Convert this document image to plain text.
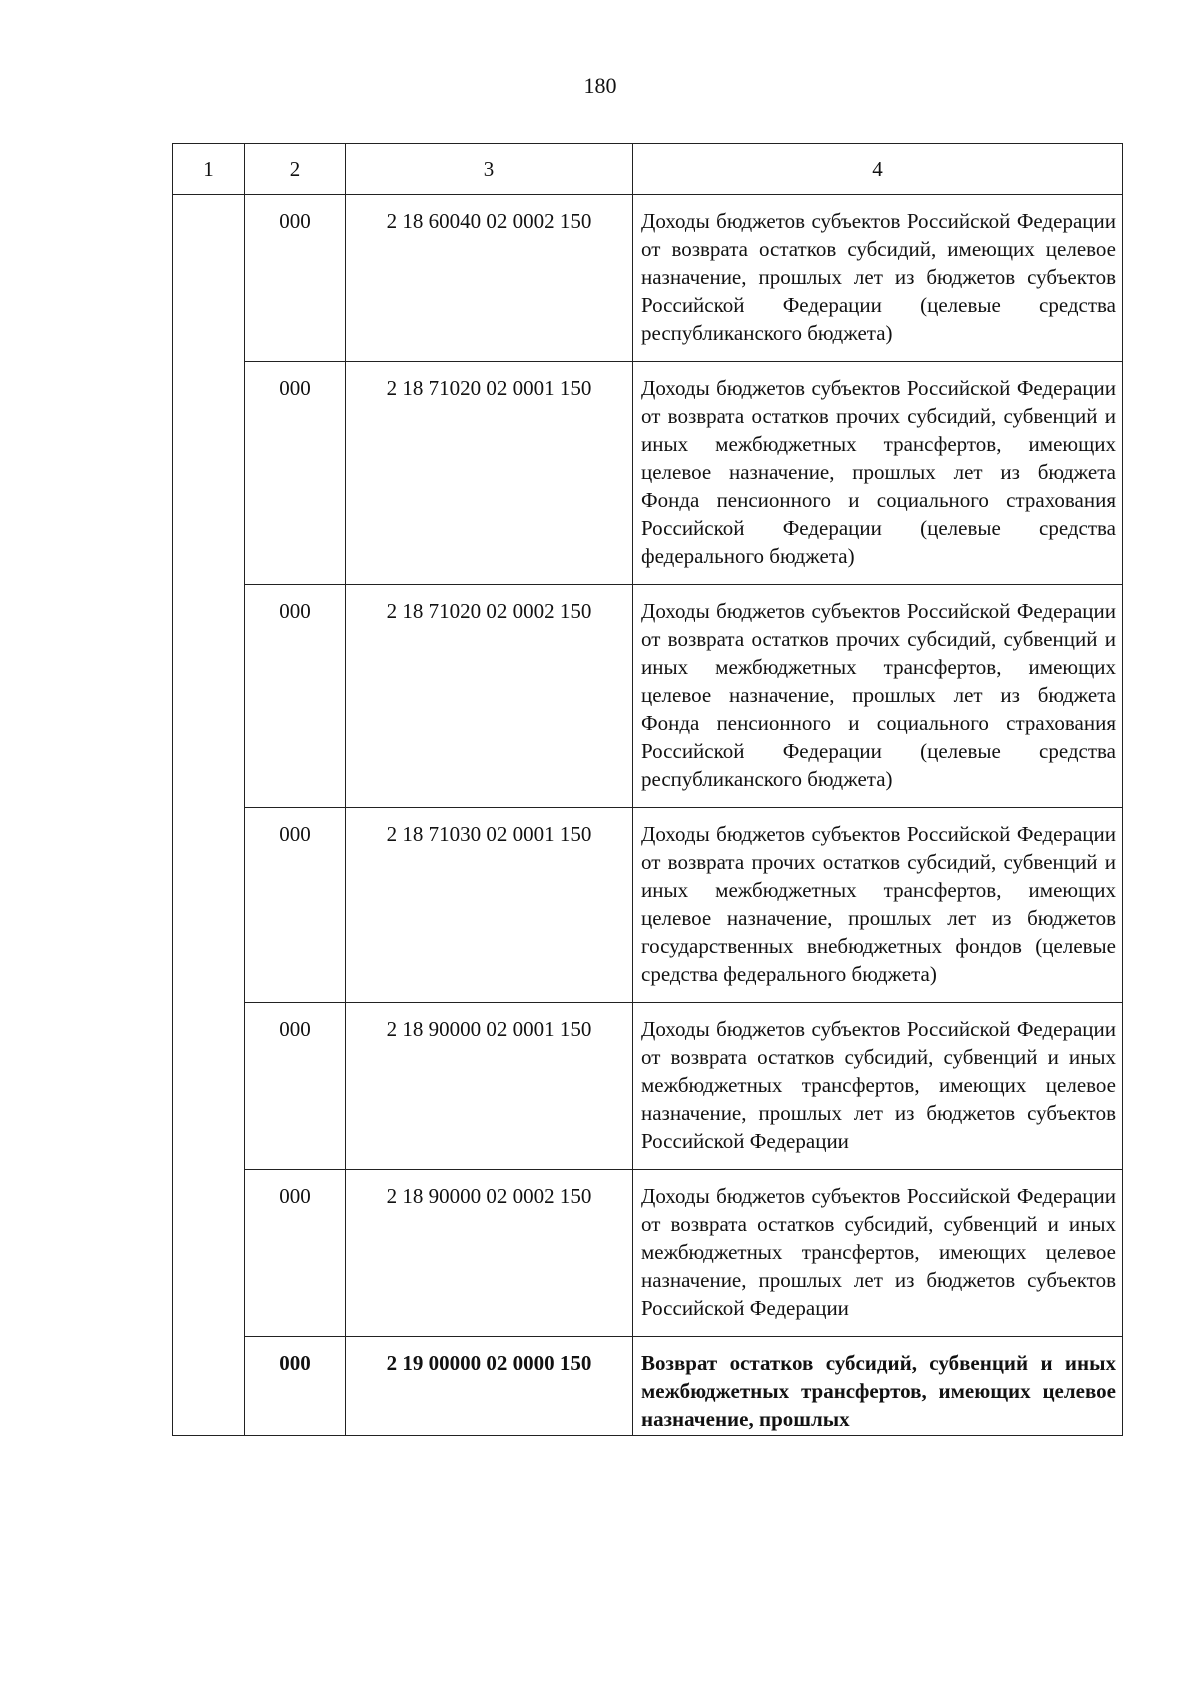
180
1	2	3	4
	000	2 18 60040 02 0002 150	Доходы бюджетов субъектов Российской Федерации от возврата остатков субсидий, имеющих целевое назначение, прошлых лет из бюджетов субъектов Российской Федерации (целевые средства республиканского бюджета)
	000	2 18 71020 02 0001 150	Доходы бюджетов субъектов Российской Федерации от возврата остатков прочих субсидий, субвенций и иных межбюджетных трансфертов, имеющих целевое назначение, прошлых лет из бюджета Фонда пенсионного и социального страхования Российской Федерации (целевые средства федерального бюджета)
	000	2 18 71020 02 0002 150	Доходы бюджетов субъектов Российской Федерации от возврата остатков прочих субсидий, субвенций и иных межбюджетных трансфертов, имеющих целевое назначение, прошлых лет из бюджета Фонда пенсионного и социального страхования Российской Федерации (целевые средства республиканского бюджета)
	000	2 18 71030 02 0001 150	Доходы бюджетов субъектов Российской Федерации от возврата прочих остатков субсидий, субвенций и иных межбюджетных трансфертов, имеющих целевое назначение, прошлых лет из бюджетов государственных внебюджетных фондов (целевые средства федерального бюджета)
	000	2 18 90000 02 0001 150	Доходы бюджетов субъектов Российской Федерации от возврата остатков субсидий, субвенций и иных межбюджетных трансфертов, имеющих целевое назначение, прошлых лет из бюджетов субъектов Российской Федерации
	000	2 18 90000 02 0002 150	Доходы бюджетов субъектов Российской Федерации от возврата остатков субсидий, субвенций и иных межбюджетных трансфертов, имеющих целевое назначение, прошлых лет из бюджетов субъектов Российской Федерации
	000	2 19 00000 02 0000 150	Возврат остатков субсидий, субвенций и иных межбюджетных трансфертов, имеющих целевое назначение, прошлых
